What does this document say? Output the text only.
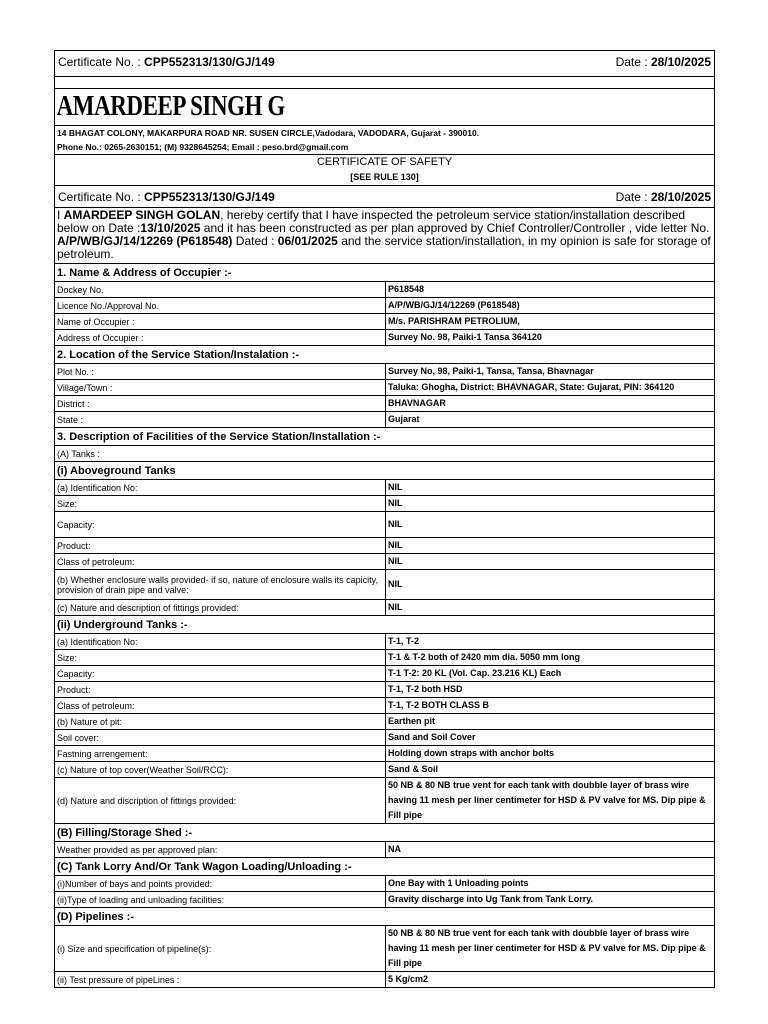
Certificate No. : CPP552313/130/GJ/149	Date : 28/10/2025
AMARDEEP SINGH G
14 BHAGAT COLONY, MAKARPURA ROAD NR. SUSEN CIRCLE,Vadodara, VADODARA, Gujarat - 390010.
Phone No.: 0265-2630151; (M) 9328645254; Email : peso.brd@gmail.com
CERTIFICATE OF SAFETY
[SEE RULE 130]
Certificate No. : CPP552313/130/GJ/149	Date : 28/10/2025
I AMARDEEP SINGH GOLAN, hereby certify that I have inspected the petroleum service station/installation described below on Date :13/10/2025 and it has been constructed as per plan approved by Chief Controller/Controller , vide letter No. A/P/WB/GJ/14/12269 (P618548) Dated : 06/01/2025 and the service station/installation, in my opinion is safe for storage of petroleum.
1. Name & Address of Occupier :-
Dockey No.	P618548
Licence No./Approval No.	A/P/WB/GJ/14/12269 (P618548)
Name of Occupier :	M/s. PARISHRAM PETROLIUM,
Address of Occupier :	Survey No. 98, Paiki-1 Tansa 364120
2. Location of the Service Station/Instalation :-
Plot No. :	Survey No, 98, Paiki-1, Tansa, Tansa, Bhavnagar
Village/Town :	Taluka: Ghogha, District: BHAVNAGAR, State: Gujarat, PIN: 364120
District :	BHAVNAGAR
State :	Gujarat
3. Description of Facilities of the Service Station/Installation :-
(A) Tanks :
(i) Aboveground Tanks
(a) Identification No:	NIL
Size:	NIL
Capacity:	NIL
Product:	NIL
Class of petroleum:	NIL
(b) Whether enclosure walls provided- if so, nature of enclosure walls its capicity, provision of drain pipe and valve:
NIL
(c) Nature and description of fittings provided:	NIL
(ii) Underground Tanks :-
(a) Identification No:	T-1, T-2
Size:	T-1 & T-2 both of 2420 mm dia. 5050 mm long
Capacity:	T-1 T-2: 20 KL (Vol. Cap. 23.216 KL) Each
Product:	T-1, T-2 both HSD
Class of petroleum:	T-1, T-2 BOTH CLASS B
(b) Nature of pit:	Earthen pit
Soil cover:	Sand and Soil Cover
Fastning arrengement:	Holding down straps with anchor bolts
(c) Nature of top cover(Weather Soil/RCC):	Sand & Soil
(d) Nature and discription of fittings provided:
50 NB & 80 NB true vent for each tank with doubble layer of brass wire having 11 mesh per liner centimeter for HSD & PV valve for MS. Dip pipe & Fill pipe
(B) Filling/Storage Shed :-
Weather provided as per approved plan:	NA
(C) Tank Lorry And/Or Tank Wagon Loading/Unloading :-
(i)Number of bays and points provided:	One Bay with 1 Unloading points
(ii)Type of loading and unloading facilities:	Gravity discharge into Ug Tank from Tank Lorry.
(D) Pipelines :-
(i) Size and specification of pipeline(s):
50 NB & 80 NB true vent for each tank with doubble layer of brass wire having 11 mesh per liner centimeter for HSD & PV valve for MS. Dip pipe & Fill pipe
(ii) Test pressure of pipeLines :	5 Kg/cm2
